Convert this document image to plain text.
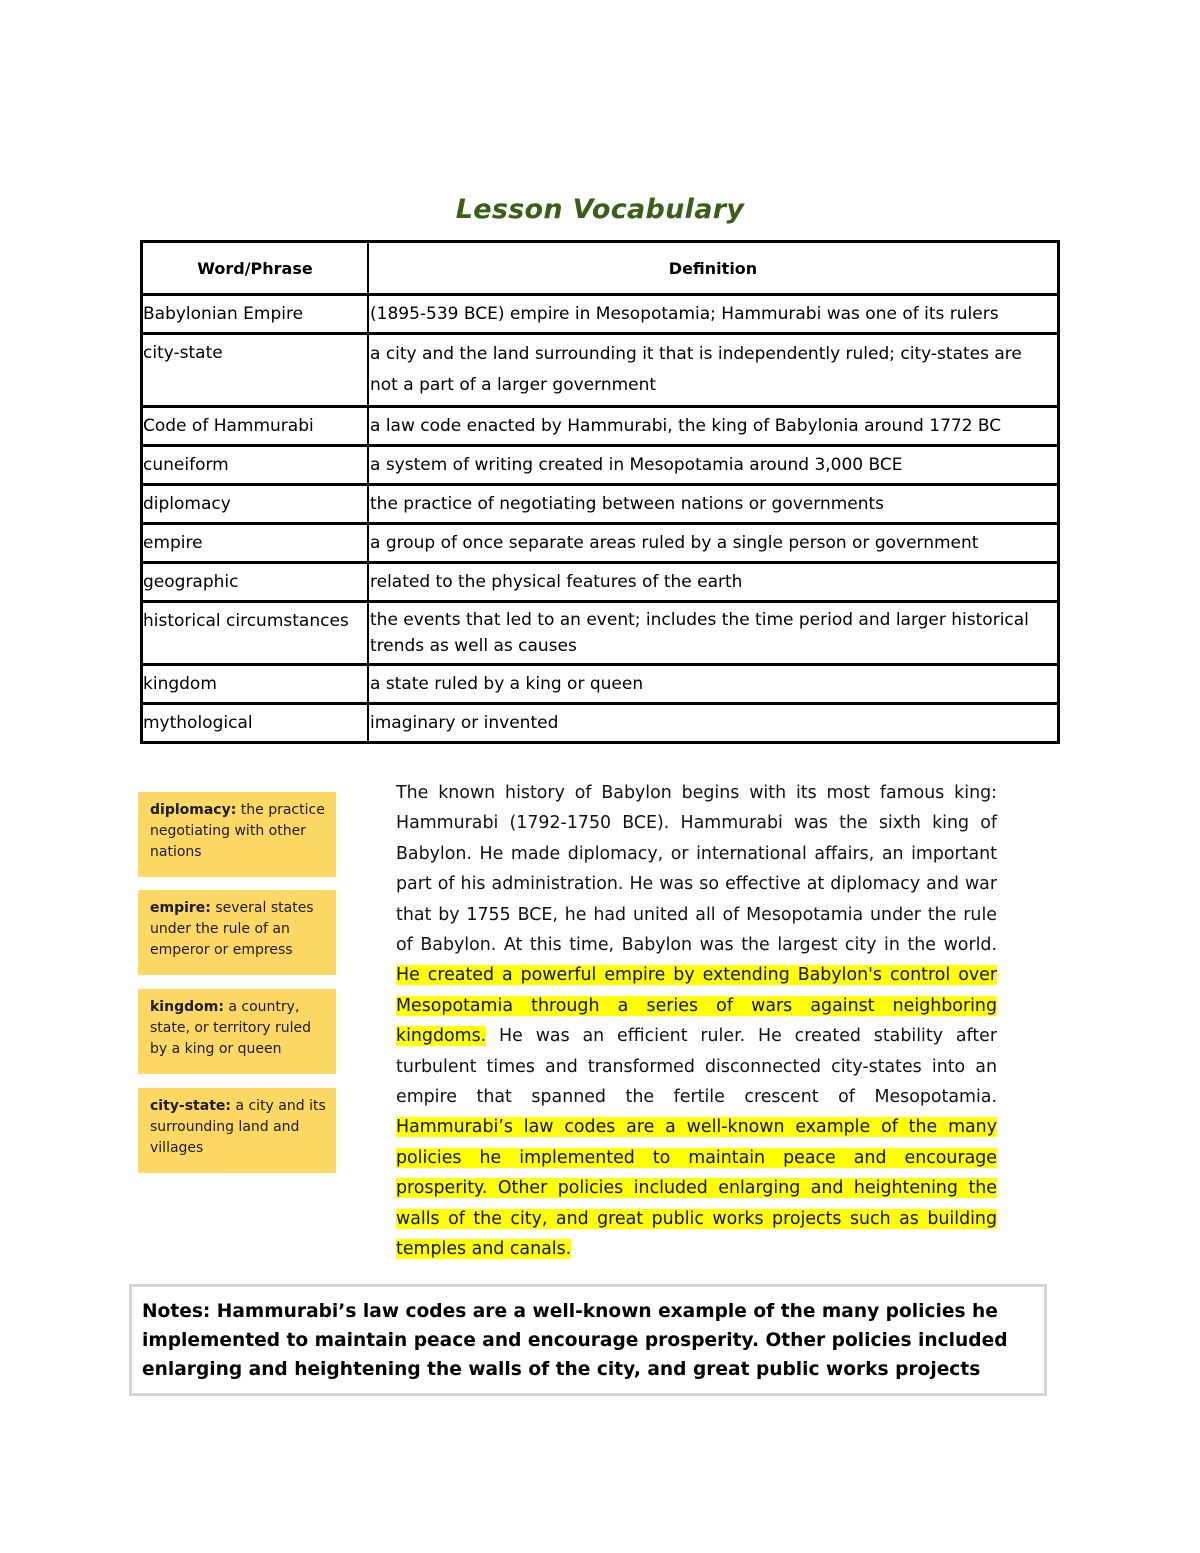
Lesson Vocabulary
Word/Phrase	Definition
Babylonian Empire	(1895-539 BCE) empire in Mesopotamia; Hammurabi was one of its rulers
city-state	a city and the land surrounding it that is independently ruled; city-states are not a part of a larger government
Code of Hammurabi	a law code enacted by Hammurabi, the king of Babylonia around 1772 BC
cuneiform	a system of writing created in Mesopotamia around 3,000 BCE
diplomacy	the practice of negotiating between nations or governments
empire	a group of once separate areas ruled by a single person or government
geographic	related to the physical features of the earth
historical circumstances	the events that led to an event; includes the time period and larger historical trends as well as causes
kingdom	a state ruled by a king or queen
mythological	imaginary or invented
diplomacy: the practice negotiating with other nations
empire: several states under the rule of an emperor or empress
kingdom: a country, state, or territory ruled by a king or queen
city-state: a city and its surrounding land and villages
The known history of Babylon begins with its most famous king: Hammurabi (1792-1750 BCE). Hammurabi was the sixth king of Babylon. He made diplomacy, or international affairs, an important part of his administration. He was so effective at diplomacy and war that by 1755 BCE, he had united all of Mesopotamia under the rule of Babylon. At this time, Babylon was the largest city in the world. He created a powerful empire by extending Babylon's control over Mesopotamia through a series of wars against neighboring kingdoms. He was an efficient ruler. He created stability after turbulent times and transformed disconnected city-states into an empire that spanned the fertile crescent of Mesopotamia. Hammurabi’s law codes are a well-known example of the many policies he implemented to maintain peace and encourage prosperity. Other policies included enlarging and heightening the walls of the city, and great public works projects such as building temples and canals.
Notes: Hammurabi’s law codes are a well-known example of the many policies he implemented to maintain peace and encourage prosperity. Other policies included enlarging and heightening the walls of the city, and great public works projects
